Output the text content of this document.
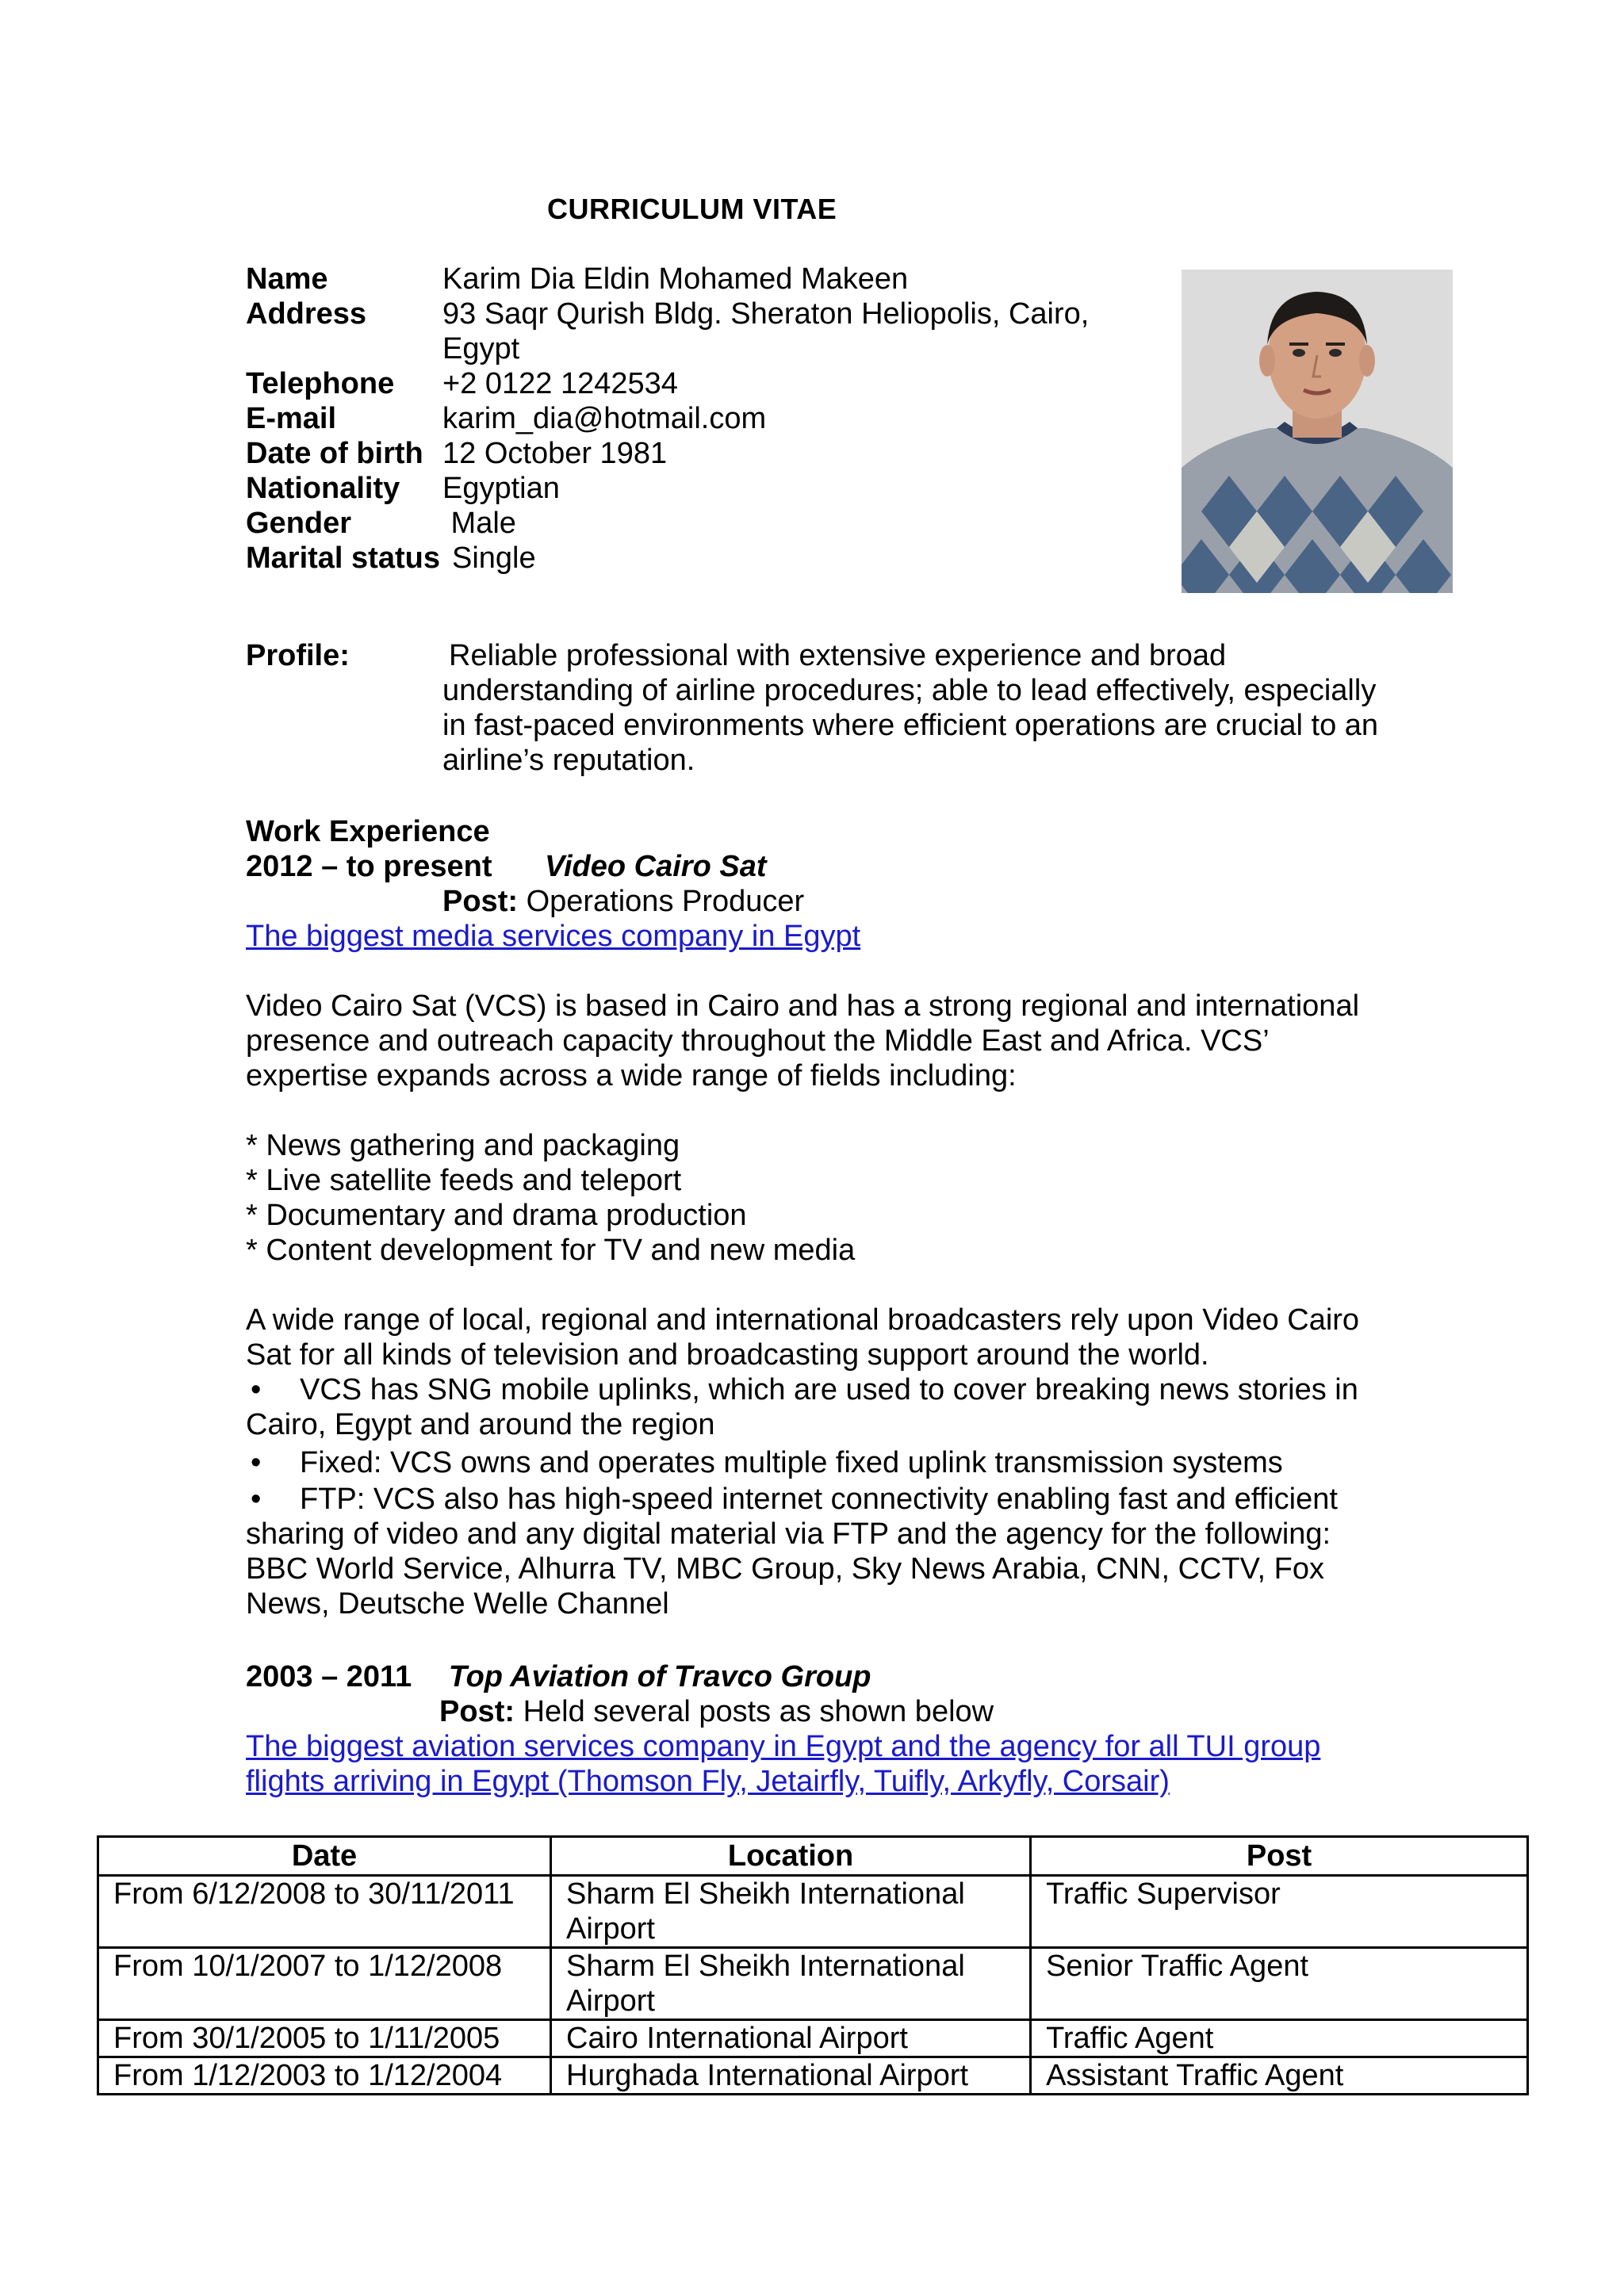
CURRICULUM VITAE
Name	Karim Dia Eldin Mohamed Makeen
Address	93 Saqr Qurish Bldg. Sheraton Heliopolis, Cairo, Egypt
Telephone	+2 0122 1242534
E-mail	karim_dia@hotmail.com
Date of birth 12 October 1981
Nationality	Egyptian
Gender	Male
Marital status Single
Profile:	Reliable professional with extensive experience and broad understanding of airline procedures; able to lead effectively, especially in fast-paced environments where efficient operations are crucial to an airline’s reputation.
Work Experience
2012 – to present Video Cairo Sat
Post: Operations Producer
The biggest media services company in Egypt
Video Cairo Sat (VCS) is based in Cairo and has a strong regional and international presence and outreach capacity throughout the Middle East and Africa. VCS’ expertise expands across a wide range of fields including:
* News gathering and packaging
* Live satellite feeds and teleport
* Documentary and drama production
* Content development for TV and new media
A wide range of local, regional and international broadcasters rely upon Video Cairo Sat for all kinds of television and broadcasting support around the world.
• VCS has SNG mobile uplinks, which are used to cover breaking news stories in Cairo, Egypt and around the region
• Fixed: VCS owns and operates multiple fixed uplink transmission systems
• FTP: VCS also has high-speed internet connectivity enabling fast and efficient sharing of video and any digital material via FTP and the agency for the following: BBC World Service, Alhurra TV, MBC Group, Sky News Arabia, CNN, CCTV, Fox News, Deutsche Welle Channel
2003 – 2011 Top Aviation of Travco Group
Post: Held several posts as shown below
The biggest aviation services company in Egypt and the agency for all TUI group flights arriving in Egypt (Thomson Fly, Jetairfly, Tuifly, Arkyfly, Corsair)
Date	Location	Post
From 6/12/2008 to 30/11/2011	Sharm El Sheikh International Airport	Traffic Supervisor
From 10/1/2007 to 1/12/2008	Sharm El Sheikh International Airport	Senior Traffic Agent
From 30/1/2005 to 1/11/2005	Cairo International Airport	Traffic Agent
From 1/12/2003 to 1/12/2004	Hurghada International Airport	Assistant Traffic Agent
